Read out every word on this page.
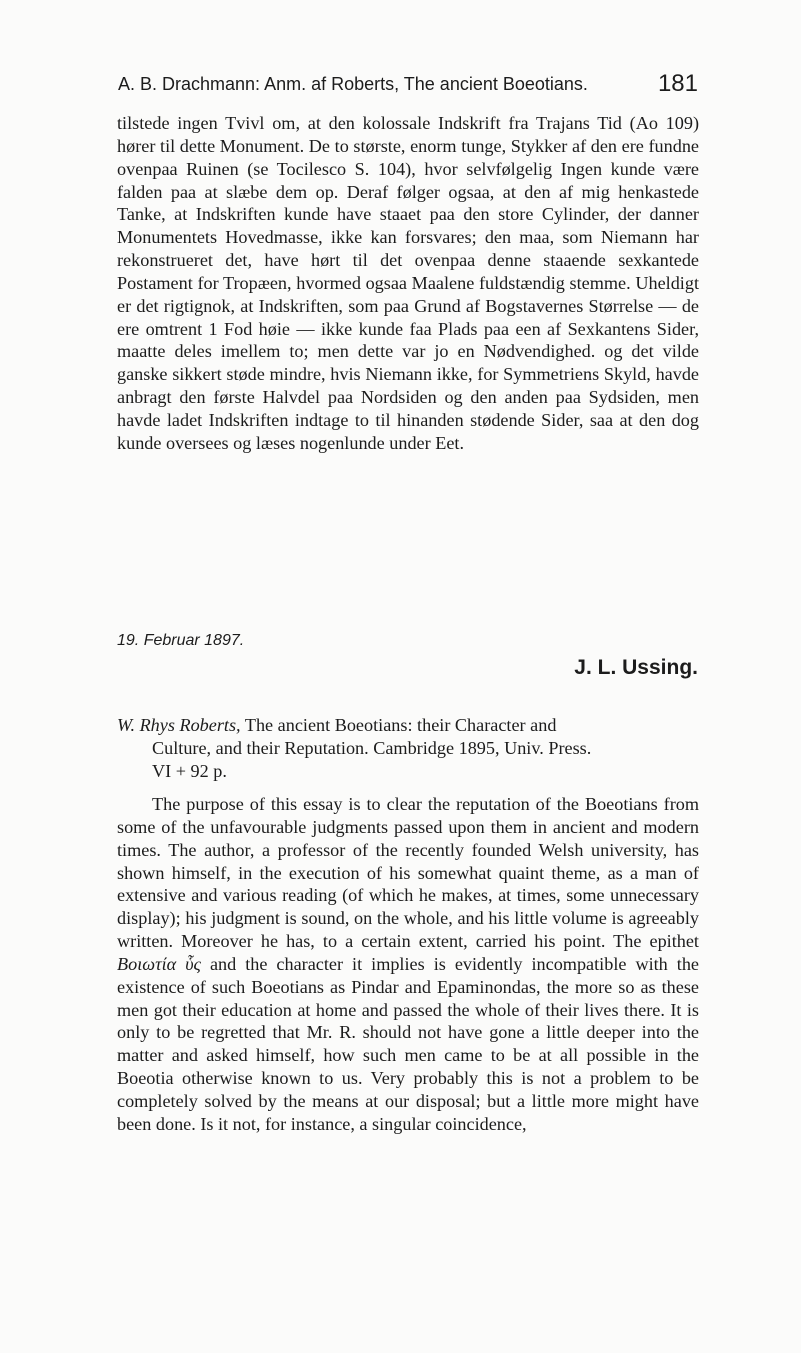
A. B. Drachmann: Anm. af Roberts, The ancient Boeotians.	181

tilstede ingen Tvivl om, at den kolossale Indskrift fra Trajans Tid (Ao 109) hører til dette Monument. De to største, enorm tunge, Stykker af den ere fundne ovenpaa Ruinen (se Tocilesco S. 104), hvor selvfølgelig Ingen kunde være falden paa at slæbe dem op. Deraf følger ogsaa, at den af mig henkastede Tanke, at Indskriften kunde have staaet paa den store Cylinder, der danner Monumentets Hovedmasse, ikke kan forsvares; den maa, som Niemann har rekonstrueret det, have hørt til det ovenpaa denne staaende sexkantede Postament for Tropæen, hvormed ogsaa Maalene fuldstændig stemme. Uheldigt er det rigtignok, at Indskriften, som paa Grund af Bogstavernes Størrelse — de ere omtrent 1 Fod høie — ikke kunde faa Plads paa een af Sexkantens Sider, maatte deles imellem to; men dette var jo en Nødvendighed. og det vilde ganske sikkert støde mindre, hvis Niemann ikke, for Symmetriens Skyld, havde anbragt den første Halvdel paa Nordsiden og den anden paa Sydsiden, men havde ladet Indskriften indtage to til hinanden stødende Sider, saa at den dog kunde oversees og læses nogenlunde under Eet.

19. Februar 1897.
J. L. Ussing.

W. Rhys Roberts, The ancient Boeotians: their Character and
Culture, and their Reputation. Cambridge 1895, Univ. Press.
VI + 92 p.

The purpose of this essay is to clear the reputation of the Boeotians from some of the unfavourable judgments passed upon them in ancient and modern times. The author, a professor of the recently founded Welsh university, has shown himself, in the execution of his somewhat quaint theme, as a man of extensive and various reading (of which he makes, at times, some unnecessary display); his judgment is sound, on the whole, and his little volume is agreeably written. Moreover he has, to a certain extent, carried his point. The epithet Βοιωτία ὗς and the character it implies is evidently incompatible with the existence of such Boeotians as Pindar and Epaminondas, the more so as these men got their education at home and passed the whole of their lives there. It is only to be regretted that Mr. R. should not have gone a little deeper into the matter and asked himself, how such men came to be at all possible in the Boeotia otherwise known to us. Very probably this is not a problem to be completely solved by the means at our disposal; but a little more might have been done. Is it not, for instance, a singular coincidence,
